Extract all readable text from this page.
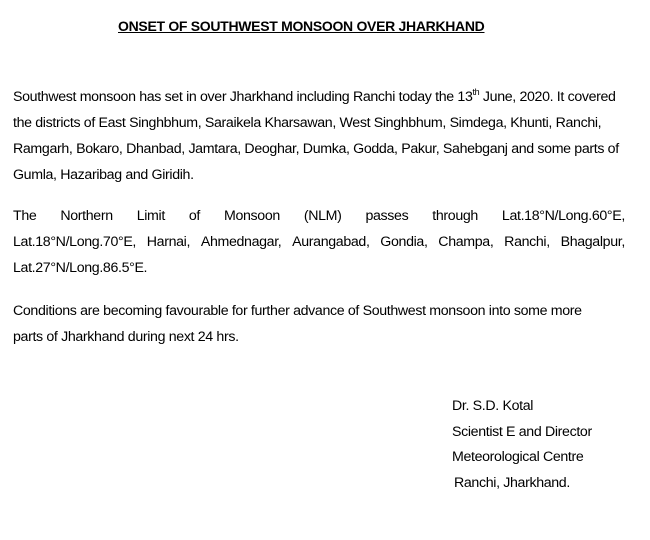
ONSET OF SOUTHWEST MONSOON OVER JHARKHAND
Southwest monsoon has set in over Jharkhand including Ranchi today the 13th June, 2020. It covered
the districts of East Singhbhum, Saraikela Kharsawan, West Singhbhum, Simdega, Khunti, Ranchi,
Ramgarh, Bokaro, Dhanbad, Jamtara, Deoghar, Dumka, Godda, Pakur, Sahebganj and some parts of
Gumla, Hazaribag and Giridih.
The Northern Limit of Monsoon (NLM) passes through Lat.18°N/Long.60°E,
Lat.18°N/Long.70°E, Harnai, Ahmednagar, Aurangabad, Gondia, Champa, Ranchi, Bhagalpur,
Lat.27°N/Long.86.5°E.
Conditions are becoming favourable for further advance of Southwest monsoon into some more
parts of Jharkhand during next 24 hrs.
Dr. S.D. Kotal
Scientist E and Director
Meteorological Centre
Ranchi, Jharkhand.
